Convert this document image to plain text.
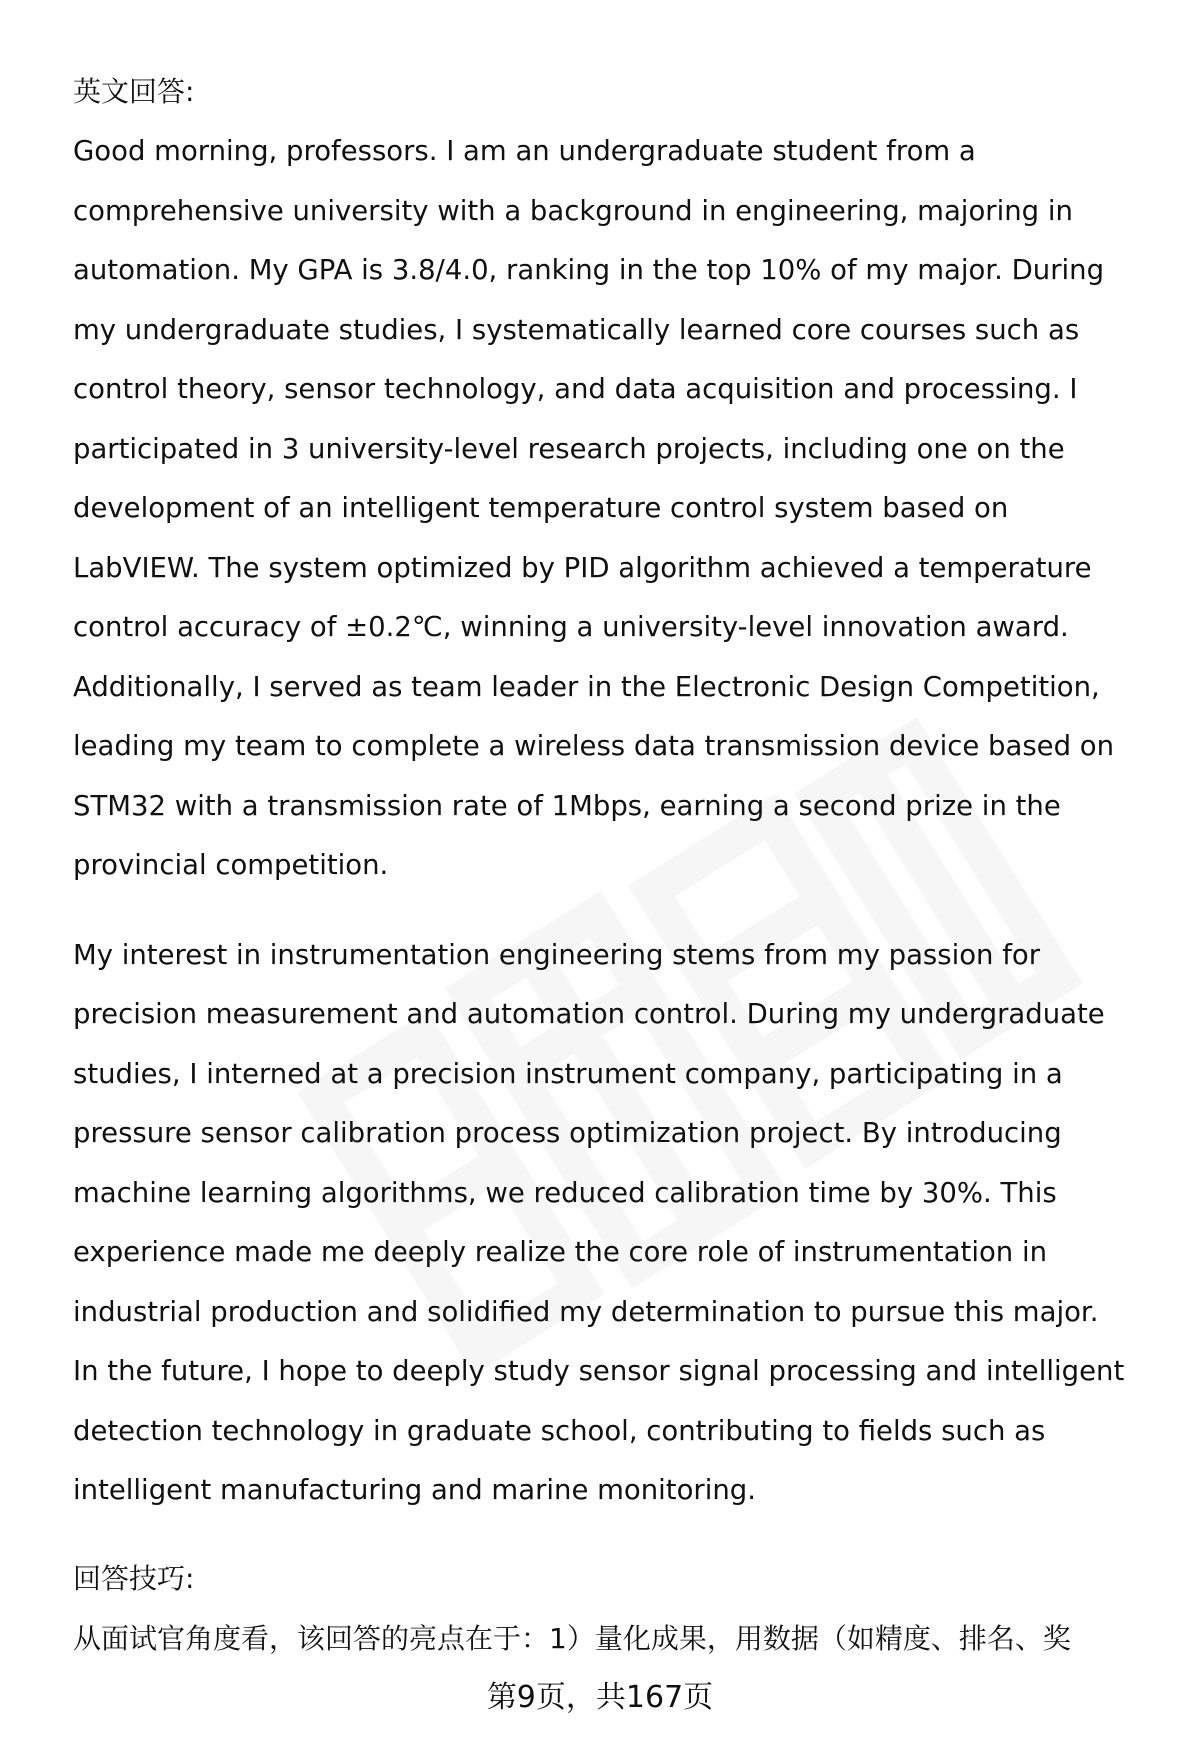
英文回答:

Good morning, professors. I am an undergraduate student from a
comprehensive university with a background in engineering, majoring in
automation. My GPA is 3.8/4.0, ranking in the top 10% of my major. During
my undergraduate studies, I systematically learned core courses such as
control theory, sensor technology, and data acquisition and processing. I
participated in 3 university-level research projects, including one on the
development of an intelligent temperature control system based on
LabVIEW. The system optimized by PID algorithm achieved a temperature
control accuracy of ±0.2℃, winning a university-level innovation award.
Additionally, I served as team leader in the Electronic Design Competition,
leading my team to complete a wireless data transmission device based on
STM32 with a transmission rate of 1Mbps, earning a second prize in the
provincial competition.

My interest in instrumentation engineering stems from my passion for
precision measurement and automation control. During my undergraduate
studies, I interned at a precision instrument company, participating in a
pressure sensor calibration process optimization project. By introducing
machine learning algorithms, we reduced calibration time by 30%. This
experience made me deeply realize the core role of instrumentation in
industrial production and solidified my determination to pursue this major.
In the future, I hope to deeply study sensor signal processing and intelligent
detection technology in graduate school, contributing to fields such as
intelligent manufacturing and marine monitoring.

回答技巧:
从面试官角度看，该回答的亮点在于：1）量化成果，用数据（如精度、排名、奖
第9页，共167页
